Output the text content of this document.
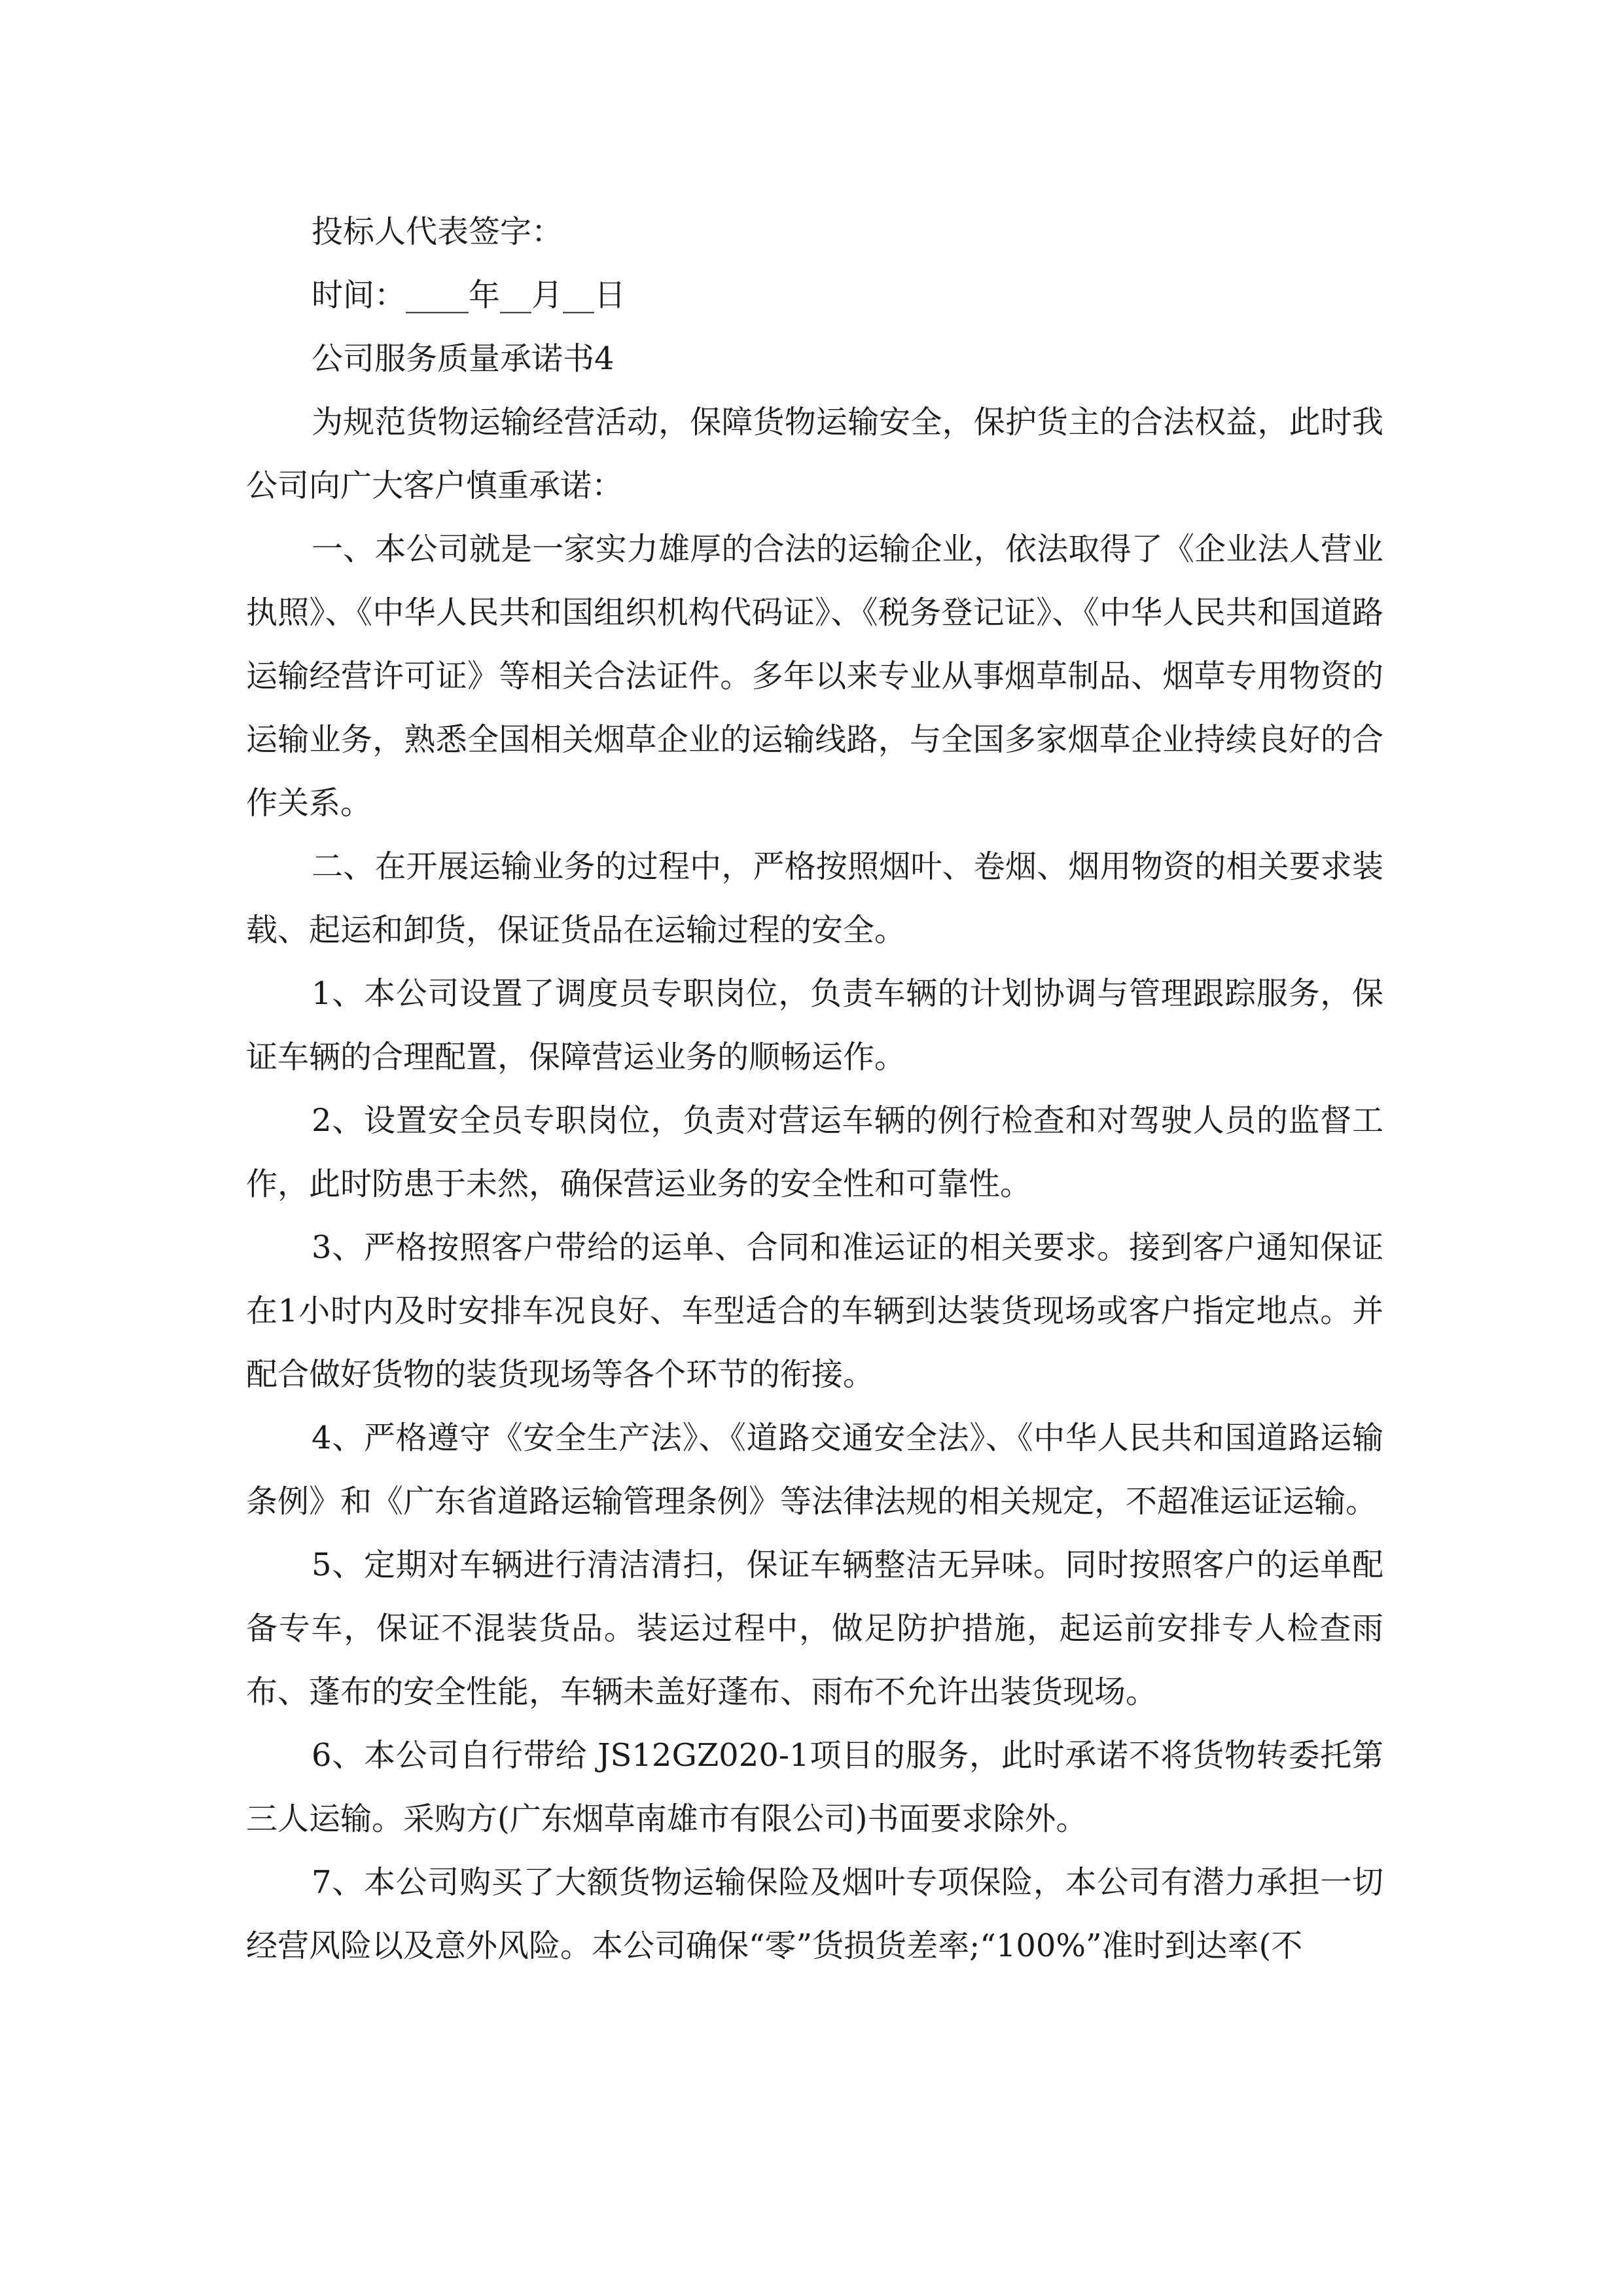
投标人代表签字：
时间：____年__月__日
公司服务质量承诺书4
为规范货物运输经营活动，保障货物运输安全，保护货主的合法权益，此时我公司向广大客户慎重承诺：
一、本公司就是一家实力雄厚的合法的运输企业，依法取得了《企业法人营业执照》、《中华人民共和国组织机构代码证》、《税务登记证》、《中华人民共和国道路运输经营许可证》等相关合法证件。多年以来专业从事烟草制品、烟草专用物资的运输业务，熟悉全国相关烟草企业的运输线路，与全国多家烟草企业持续良好的合作关系。
二、在开展运输业务的过程中，严格按照烟叶、卷烟、烟用物资的相关要求装载、起运和卸货，保证货品在运输过程的安全。
1、本公司设置了调度员专职岗位，负责车辆的计划协调与管理跟踪服务，保证车辆的合理配置，保障营运业务的顺畅运作。
2、设置安全员专职岗位，负责对营运车辆的例行检查和对驾驶人员的监督工作，此时防患于未然，确保营运业务的安全性和可靠性。
3、严格按照客户带给的运单、合同和准运证的相关要求。接到客户通知保证在1小时内及时安排车况良好、车型适合的车辆到达装货现场或客户指定地点。并配合做好货物的装货现场等各个环节的衔接。
4、严格遵守《安全生产法》、《道路交通安全法》、《中华人民共和国道路运输条例》和《广东省道路运输管理条例》等法律法规的相关规定，不超准运证运输。
5、定期对车辆进行清洁清扫，保证车辆整洁无异味。同时按照客户的运单配备专车，保证不混装货品。装运过程中，做足防护措施，起运前安排专人检查雨布、蓬布的安全性能，车辆未盖好蓬布、雨布不允许出装货现场。
6、本公司自行带给 JS12GZ020-1项目的服务，此时承诺不将货物转委托第三人运输。采购方(广东烟草南雄市有限公司)书面要求除外。
7、本公司购买了大额货物运输保险及烟叶专项保险，本公司有潜力承担一切经营风险以及意外风险。本公司确保“零”货损货差率;“100%”准时到达率(不
